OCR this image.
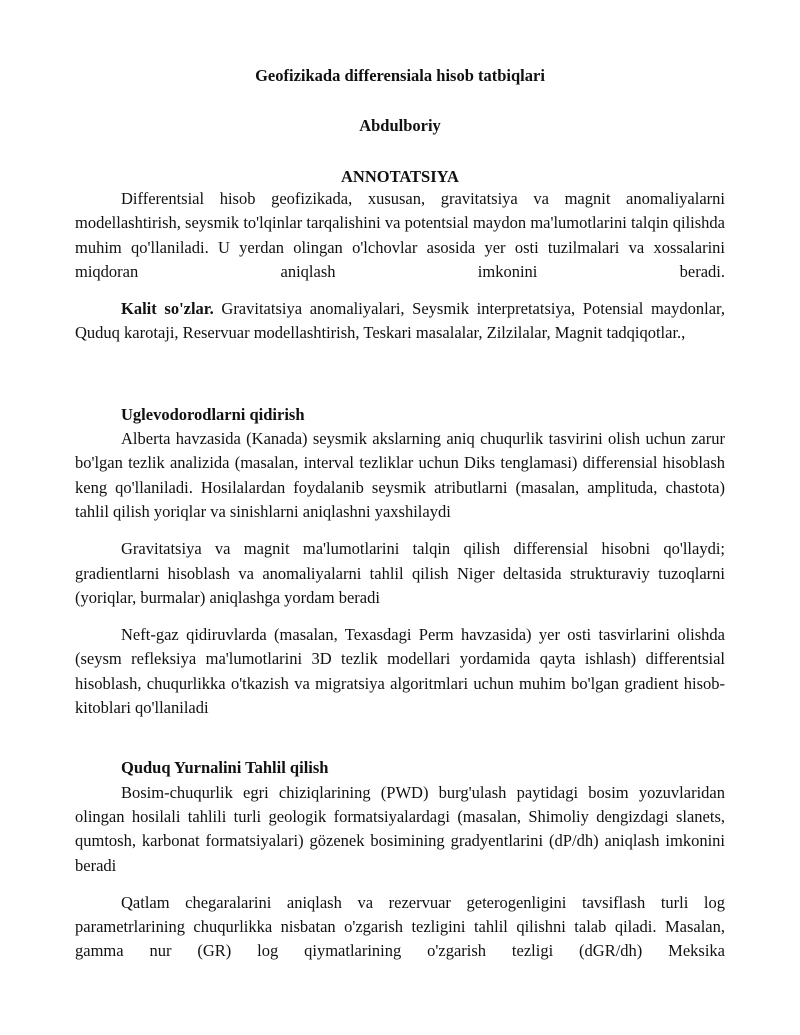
Geofizikada differensiala hisob tatbiqlari
Abdulboriy
ANNOTATSIYA

Differentsial hisob geofizikada, xususan, gravitatsiya va magnit anomaliyalarni modellashtirish, seysmik to'lqinlar tarqalishini va potentsial maydon ma'lumotlarini talqin qilishda muhim qo'llaniladi. U yerdan olingan o'lchovlar asosida yer osti tuzilmalari va xossalarini miqdoran aniqlash imkonini beradi.

Kalit so'zlar. Gravitatsiya anomaliyalari, Seysmik interpretatsiya, Potensial maydonlar, Quduq karotaji, Reservuar modellashtirish, Teskari masalalar, Zilzilalar, Magnit tadqiqotlar.,

Uglevodorodlarni qidirish

Alberta havzasida (Kanada) seysmik akslarning aniq chuqurlik tasvirini olish uchun zarur bo'lgan tezlik analizida (masalan, interval tezliklar uchun Diks tenglamasi) differensial hisoblash keng qo'llaniladi. Hosilalardan foydalanib seysmik atributlarni (masalan, amplituda, chastota) tahlil qilish yoriqlar va sinishlarni aniqlashni yaxshilaydi

Gravitatsiya va magnit ma'lumotlarini talqin qilish differensial hisobni qo'llaydi; gradientlarni hisoblash va anomaliyalarni tahlil qilish Niger deltasida strukturaviy tuzoqlarni (yoriqlar, burmalar) aniqlashga yordam beradi

Neft-gaz qidiruvlarda (masalan, Texasdagi Perm havzasida) yer osti tasvirlarini olishda (seysm refleksiya ma'lumotlarini 3D tezlik modellari yordamida qayta ishlash) differentsial hisoblash, chuqurlikka o'tkazish va migratsiya algoritmlari uchun muhim bo'lgan gradient hisob-kitoblari qo'llaniladi

Quduq Yurnalini Tahlil qilish

Bosim-chuqurlik egri chiziqlarining (PWD) burg'ulash paytidagi bosim yozuvlaridan olingan hosilali tahlili turli geologik formatsiyalardagi (masalan, Shimoliy dengizdagi slanets, qumtosh, karbonat formatsiyalari) gözenek bosimining gradyentlarini (dP/dh) aniqlash imkonini beradi

Qatlam chegaralarini aniqlash va rezervuar geterogenligini tavsiflash turli log parametrlarining chuqurlikka nisbatan o'zgarish tezligini tahlil qilishni talab qiladi. Masalan, gamma nur (GR) log qiymatlarining o'zgarish tezligi (dGR/dh) Meksika
